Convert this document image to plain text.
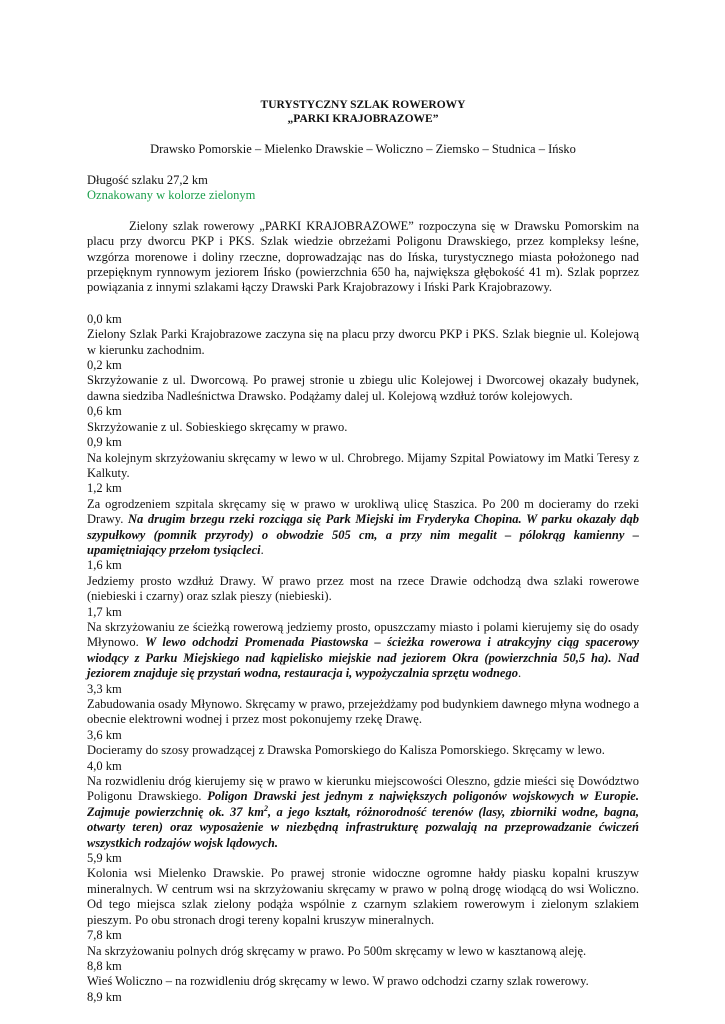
TURYSTYCZNY SZLAK ROWEROWY
„PARKI KRAJOBRAZOWE”
Drawsko Pomorskie – Mielenko Drawskie – Woliczno – Ziemsko – Studnica – Ińsko

Długość szlaku 27,2 km

Oznakowany w kolorze zielonym

Zielony szlak rowerowy „PARKI KRAJOBRAZOWE” rozpoczyna się w Drawsku Pomorskim na placu przy dworcu PKP i PKS. Szlak wiedzie obrzeżami Poligonu Drawskiego, przez kompleksy leśne, wzgórza morenowe i doliny rzeczne, doprowadzając nas do Ińska, turystycznego miasta położonego nad przepięknym rynnowym jeziorem Ińsko (powierzchnia 650 ha, największa głębokość 41 m). Szlak poprzez powiązania z innymi szlakami łączy Drawski Park Krajobrazowy i Iński Park Krajobrazowy.

0,0 km

Zielony Szlak Parki Krajobrazowe zaczyna się na placu przy dworcu PKP i PKS. Szlak biegnie ul. Kolejową w kierunku zachodnim.

0,2 km

Skrzyżowanie z ul. Dworcową. Po prawej stronie u zbiegu ulic Kolejowej i Dworcowej okazały budynek, dawna siedziba Nadleśnictwa Drawsko. Podążamy dalej ul. Kolejową wzdłuż torów kolejowych.

0,6 km

Skrzyżowanie z ul. Sobieskiego skręcamy w prawo.

0,9 km

Na kolejnym skrzyżowaniu skręcamy w lewo w ul. Chrobrego. Mijamy Szpital Powiatowy im Matki Teresy z Kalkuty.

1,2 km

Za ogrodzeniem szpitala skręcamy się w prawo w urokliwą ulicę Staszica. Po 200 m docieramy do rzeki Drawy. Na drugim brzegu rzeki rozciąga się Park Miejski im Fryderyka Chopina. W parku okazały dąb szypułkowy (pomnik przyrody) o obwodzie 505 cm, a przy nim megalit – pólokrąg kamienny – upamiętniający przełom tysiącleci.

1,6 km

Jedziemy prosto wzdłuż Drawy. W prawo przez most na rzece Drawie odchodzą dwa szlaki rowerowe (niebieski i czarny) oraz szlak pieszy (niebieski).

1,7 km

Na skrzyżowaniu ze ścieżką rowerową jedziemy prosto, opuszczamy miasto i polami kierujemy się do osady Młynowo. W lewo odchodzi Promenada Piastowska – ścieżka rowerowa i atrakcyjny ciąg spacerowy wiodący z Parku Miejskiego nad kąpielisko miejskie nad jeziorem Okra (powierzchnia 50,5 ha). Nad jeziorem znajduje się przystań wodna, restauracja i, wypożyczalnia sprzętu wodnego.

3,3 km

Zabudowania osady Młynowo. Skręcamy w prawo, przejeżdżamy pod budynkiem dawnego młyna wodnego a obecnie elektrowni wodnej i przez most pokonujemy rzekę Drawę.

3,6 km

Docieramy do szosy prowadzącej z Drawska Pomorskiego do Kalisza Pomorskiego. Skręcamy w lewo.

4,0 km

Na rozwidleniu dróg kierujemy się w prawo w kierunku miejscowości Oleszno, gdzie mieści się Dowództwo Poligonu Drawskiego. Poligon Drawski jest jednym z największych poligonów wojskowych w Europie. Zajmuje powierzchnię ok. 37 $km^2$, a jego kształt, różnorodność terenów (lasy, zbiorniki wodne, bagna, otwarty teren) oraz wyposażenie w niezbędną infrastrukturę pozwalają na przeprowadzanie ćwiczeń wszystkich rodzajów wojsk lądowych.

5,9 km

Kolonia wsi Mielenko Drawskie. Po prawej stronie widoczne ogromne hałdy piasku kopalni kruszyw mineralnych. W centrum wsi na skrzyżowaniu skręcamy w prawo w polną drogę wiodącą do wsi Woliczno. Od tego miejsca szlak zielony podąża wspólnie z czarnym szlakiem rowerowym i zielonym szlakiem pieszym. Po obu stronach drogi tereny kopalni kruszyw mineralnych.

7,8 km

Na skrzyżowaniu polnych dróg skręcamy w prawo. Po 500m skręcamy w lewo w kasztanową aleję.

8,8 km

Wieś Woliczno – na rozwidleniu dróg skręcamy w lewo. W prawo odchodzi czarny szlak rowerowy.

8,9 km
